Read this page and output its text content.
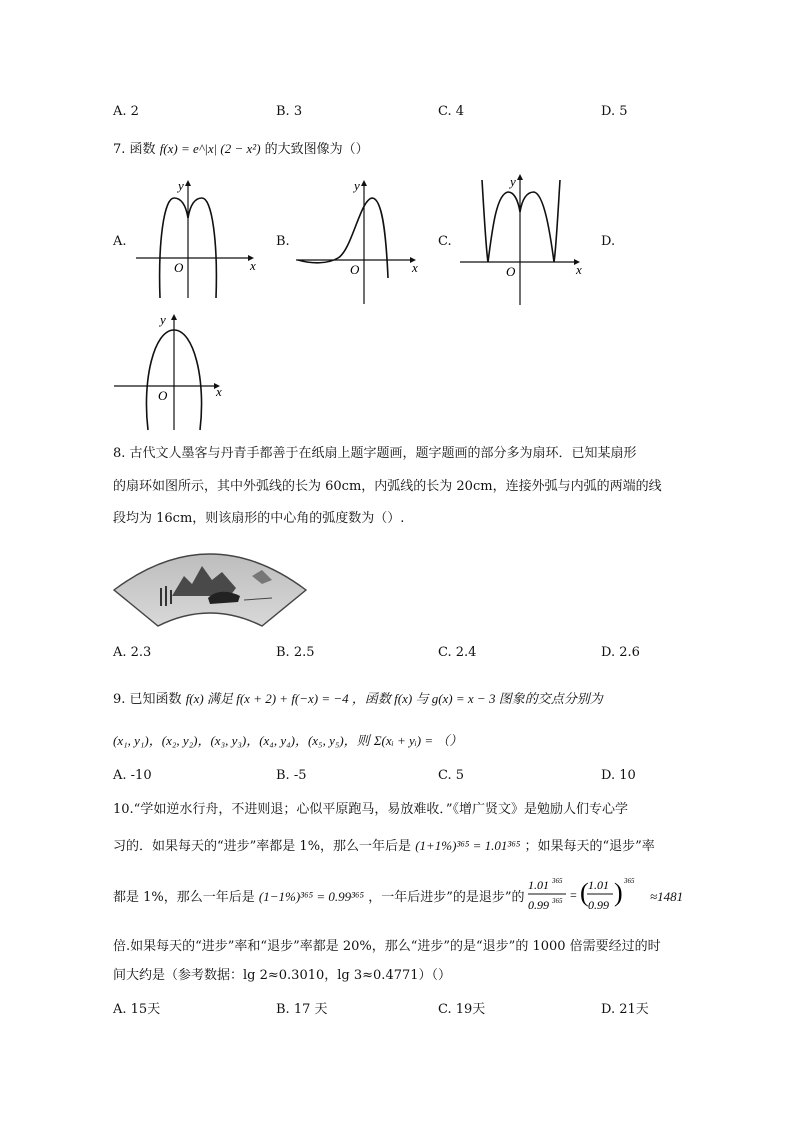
A. 2	B. 3	C. 4	D. 5
7. 函数 f(x) = e^|x| (2 − x²) 的大致图像为（）
A.	B.	C.	D.
x
y
O	x
y
O	x
y
O
x
y
O
8. 古代文人墨客与丹青手都善于在纸扇上题字题画，题字题画的部分多为扇环．已知某扇形
的扇环如图所示，其中外弧线的长为 60cm，内弧线的长为 20cm，连接外弧与内弧的两端的线
段均为 16cm，则该扇形的中心角的弧度数为（）.
A. 2.3	B. 2.5	C. 2.4	D. 2.6
9. 已知函数 f(x) 满足 f(x + 2) + f(−x) = −4 ，函数 f(x) 与 g(x) = x − 3 图象的交点分别为
(x₁, y₁)，(x₂, y₂)，(x₃, y₃)，(x₄, y₄)，(x₅, y₅)，则 Σ(xᵢ + yᵢ) = （）
A. -10	B. -5	C. 5	D. 10
10.“学如逆水行舟，不进则退；心似平原跑马，易放难收．”《增广贤文》是勉励人们专心学
习的．如果每天的“进步”率都是 1%，那么一年后是 (1+1%)³⁶⁵ = 1.01³⁶⁵ ；如果每天的“退步”率
都是 1%，那么一年后是 (1−1%)³⁶⁵ = 0.99³⁶⁵ ，一年后进步”的是退步”的
1.01 365
0.99 365 = ( 1.01
0.99 ) 365
≈1481
倍.如果每天的“进步”率和“退步”率都是 20%，那么“进步”的是“退步”的 1000 倍需要经过的时
间大约是（参考数据：lg 2≈0.3010，lg 3≈0.4771）（）
A. 15天	B. 17 天	C. 19天	D. 21天
